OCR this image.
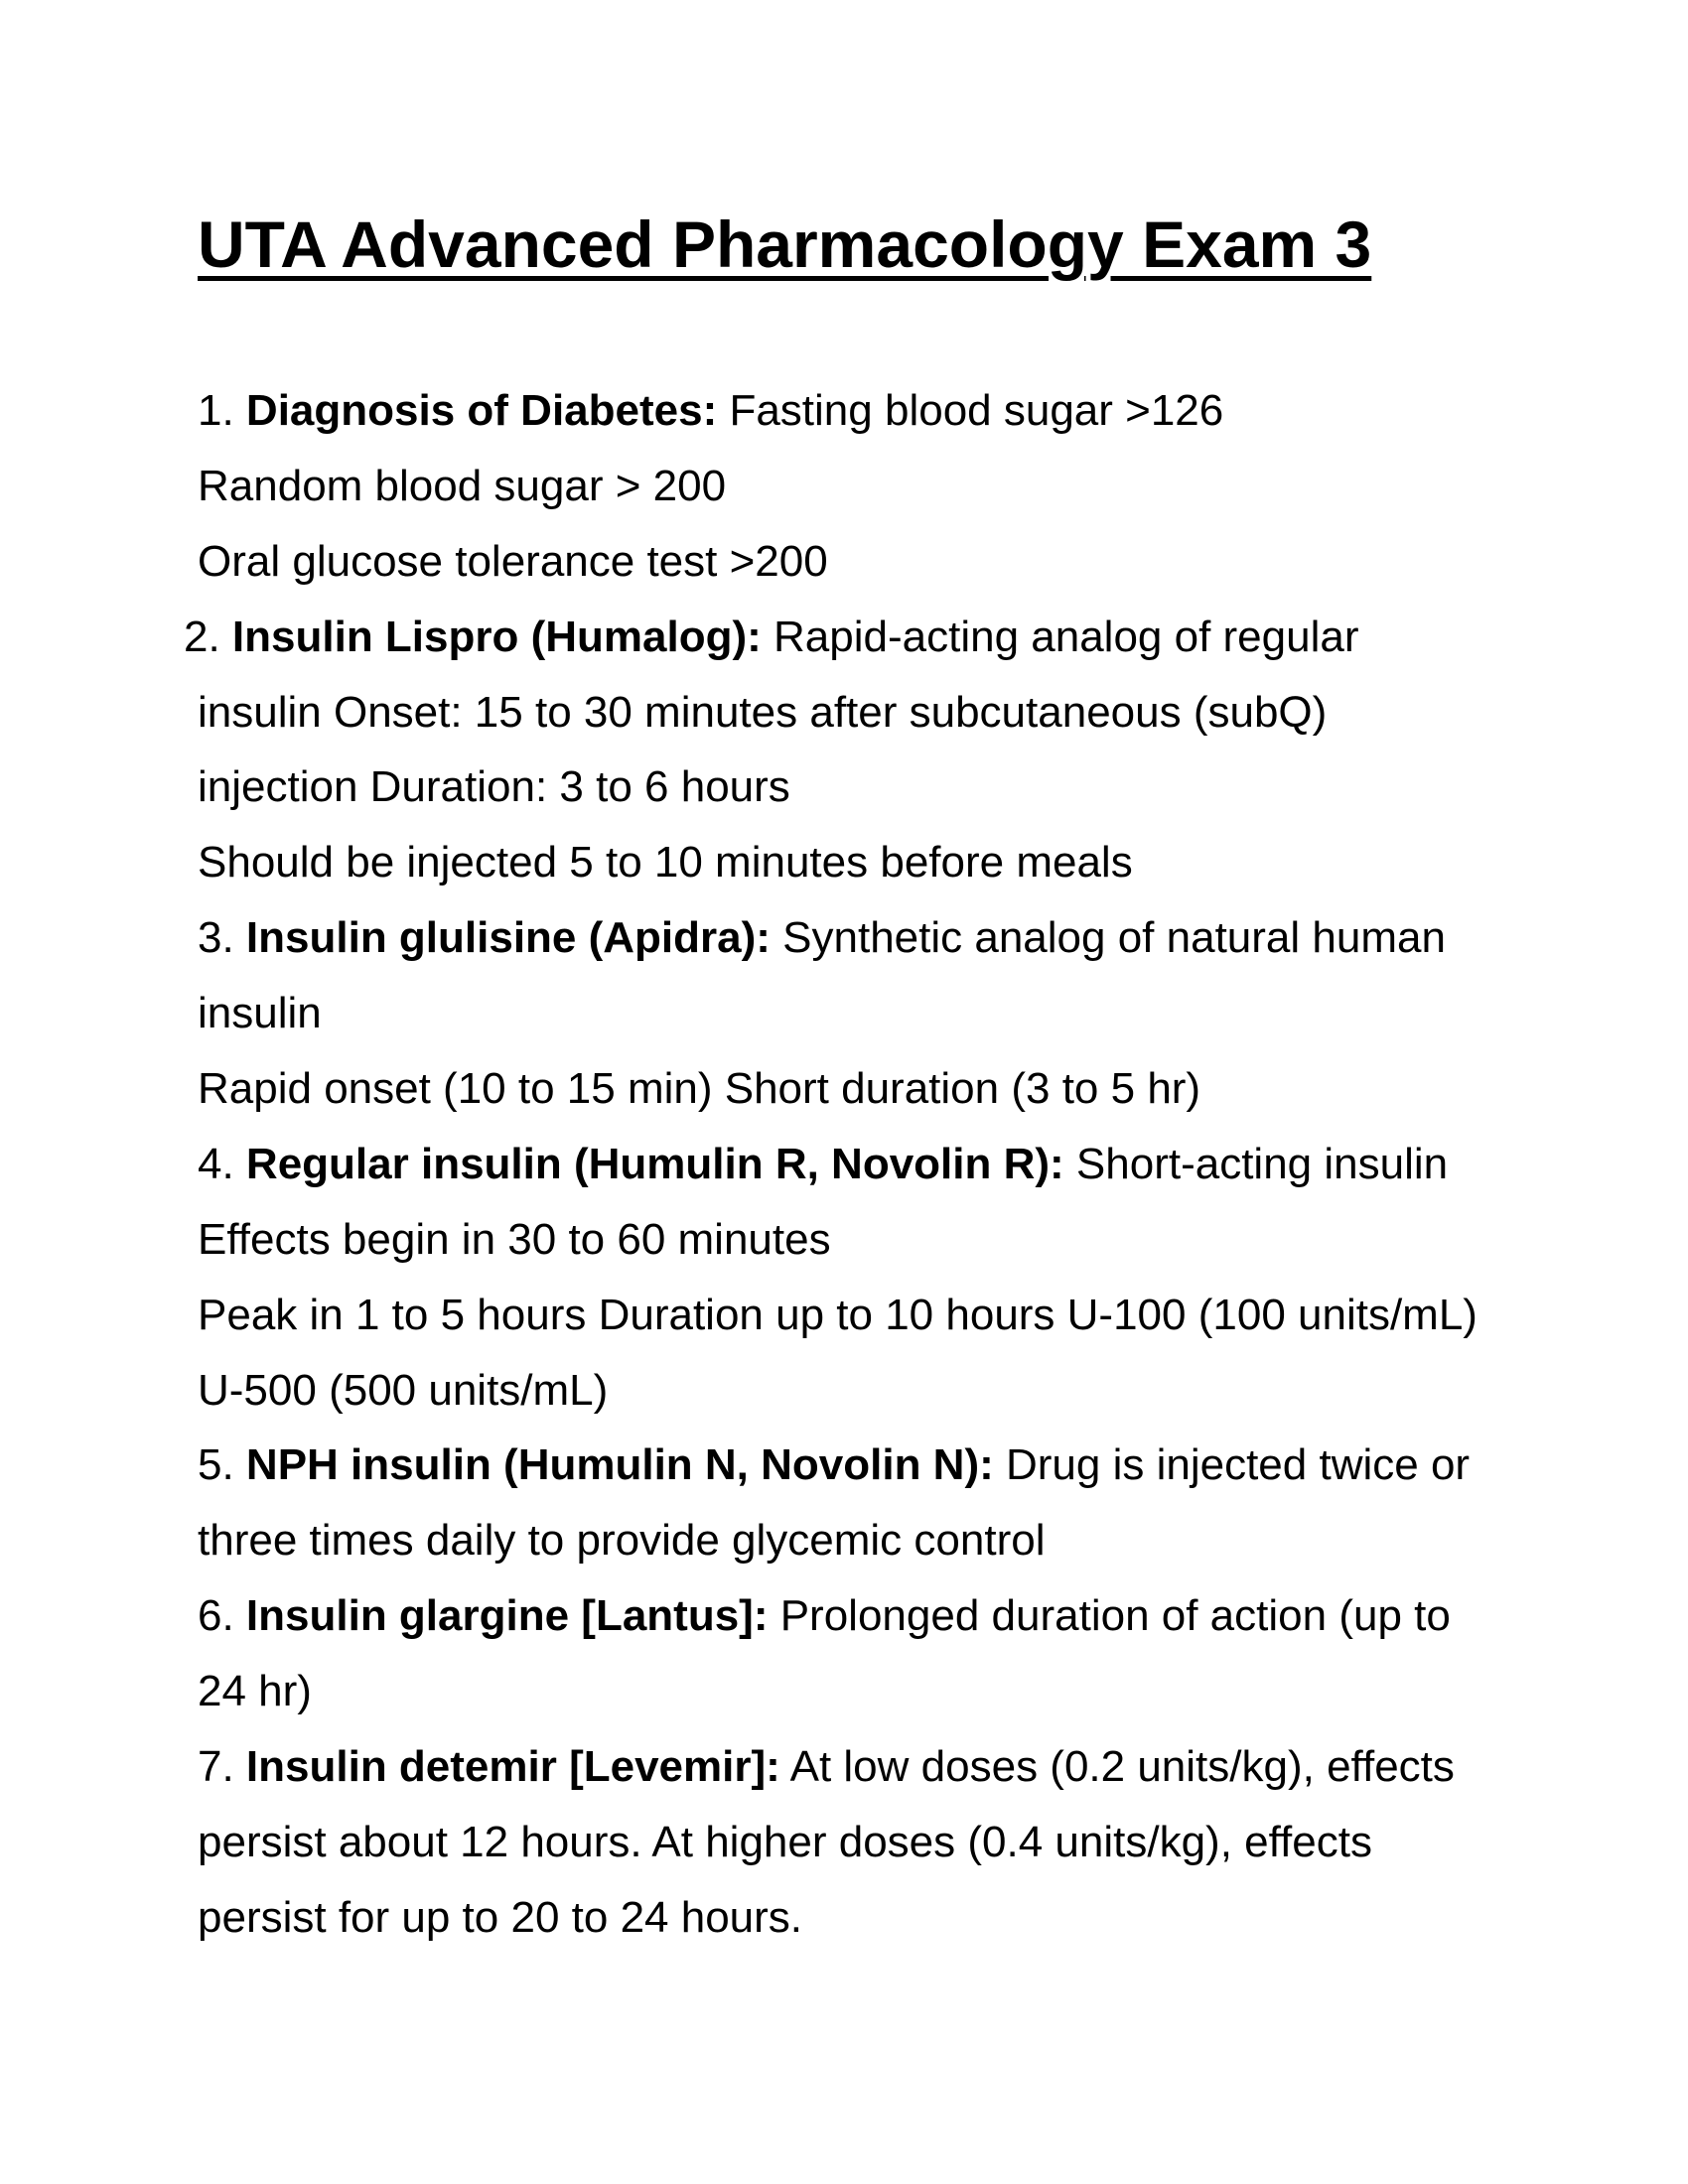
UTA Advanced Pharmacology Exam 3
1. Diagnosis of Diabetes: Fasting blood sugar >126
Random blood sugar > 200
Oral glucose tolerance test >200
2. Insulin Lispro (Humalog): Rapid-acting analog of regular
insulin Onset: 15 to 30 minutes after subcutaneous (subQ)
injection Duration: 3 to 6 hours
Should be injected 5 to 10 minutes before meals
3. Insulin glulisine (Apidra): Synthetic analog of natural human
insulin
Rapid onset (10 to 15 min) Short duration (3 to 5 hr)
4. Regular insulin (Humulin R, Novolin R): Short-acting insulin
Effects begin in 30 to 60 minutes
Peak in 1 to 5 hours Duration up to 10 hours U-100 (100 units/mL)
U-500 (500 units/mL)
5. NPH insulin (Humulin N, Novolin N): Drug is injected twice or
three times daily to provide glycemic control
6. Insulin glargine [Lantus]: Prolonged duration of action (up to
24 hr)
7. Insulin detemir [Levemir]: At low doses (0.2 units/kg), effects
persist about 12 hours. At higher doses (0.4 units/kg), effects
persist for up to 20 to 24 hours.
